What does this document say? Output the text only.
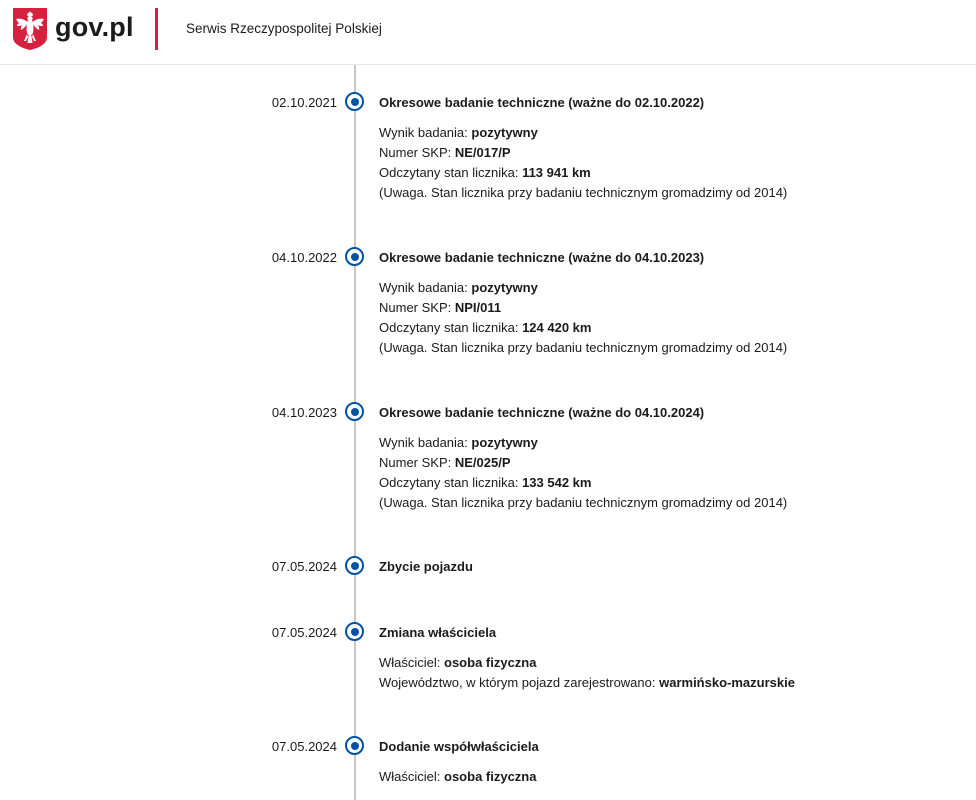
gov.pl	Serwis Rzeczypospolitej Polskiej
02.10.2021	Okresowe badanie techniczne (ważne do 02.10.2022)
Wynik badania: pozytywny
Numer SKP: NE/017/P
Odczytany stan licznika: 113 941 km
(Uwaga. Stan licznika przy badaniu technicznym gromadzimy od 2014)
04.10.2022	Okresowe badanie techniczne (ważne do 04.10.2023)
Wynik badania: pozytywny
Numer SKP: NPI/011
Odczytany stan licznika: 124 420 km
(Uwaga. Stan licznika przy badaniu technicznym gromadzimy od 2014)
04.10.2023	Okresowe badanie techniczne (ważne do 04.10.2024)
Wynik badania: pozytywny
Numer SKP: NE/025/P
Odczytany stan licznika: 133 542 km
(Uwaga. Stan licznika przy badaniu technicznym gromadzimy od 2014)
07.05.2024	Zbycie pojazdu
07.05.2024	Zmiana właściciela
Właściciel: osoba fizyczna
Województwo, w którym pojazd zarejestrowano: warmińsko-mazurskie
07.05.2024	Dodanie współwłaściciela
Właściciel: osoba fizyczna
